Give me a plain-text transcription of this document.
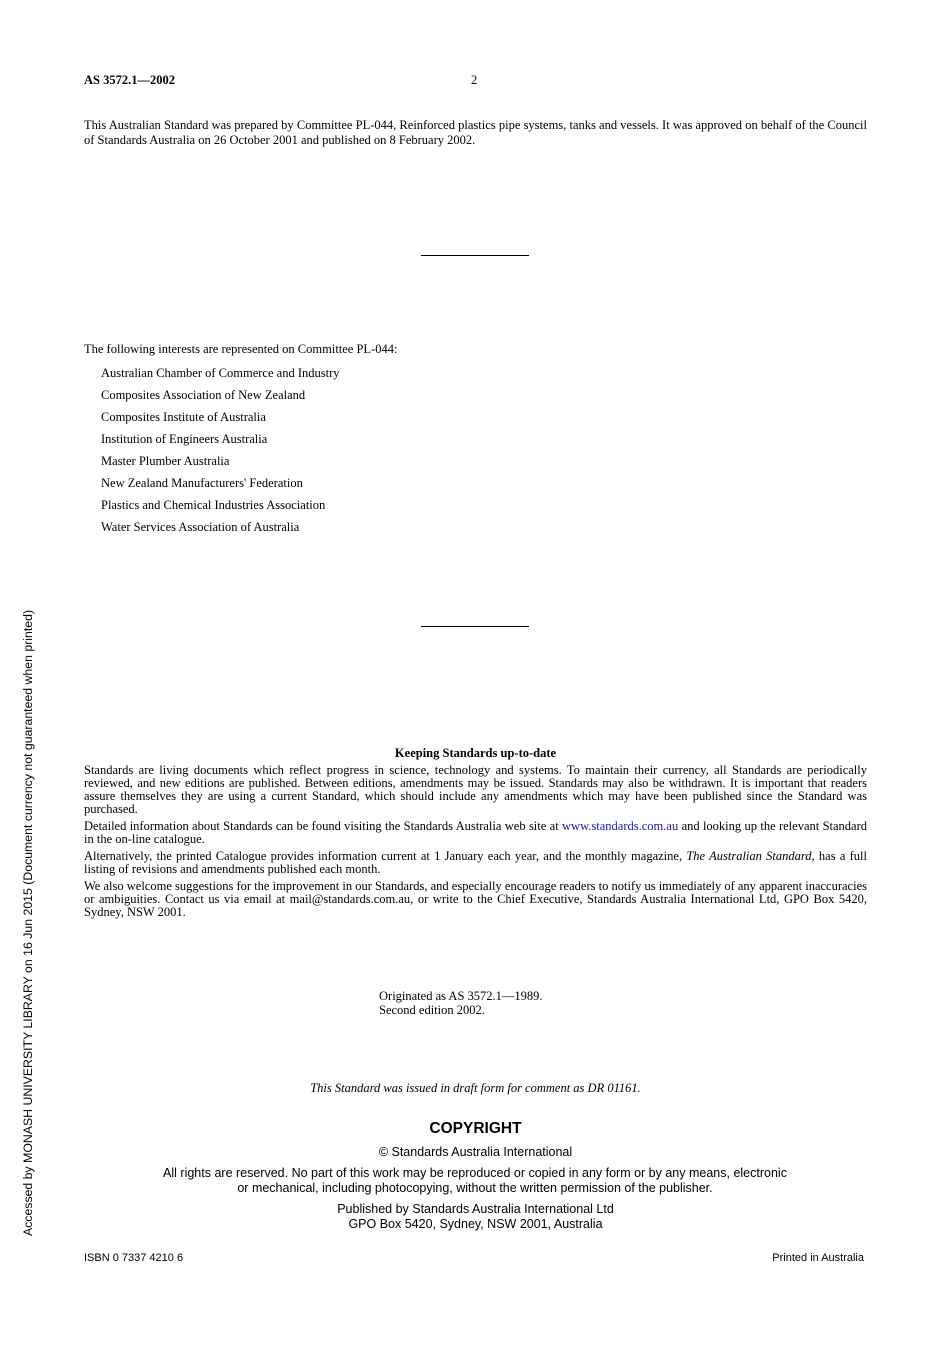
AS 3572.1—2002	2
This Australian Standard was prepared by Committee PL-044, Reinforced plastics pipe systems, tanks and vessels. It was approved on behalf of the Council of Standards Australia on 26 October 2001 and published on 8 February 2002.
The following interests are represented on Committee PL-044:
Australian Chamber of Commerce and Industry
Composites Association of New Zealand
Composites Institute of Australia
Institution of Engineers Australia
Master Plumber Australia
New Zealand Manufacturers' Federation
Plastics and Chemical Industries Association
Water Services Association of Australia
Keeping Standards up-to-date
Standards are living documents which reflect progress in science, technology and systems. To maintain their currency, all Standards are periodically reviewed, and new editions are published. Between editions, amendments may be issued. Standards may also be withdrawn. It is important that readers assure themselves they are using a current Standard, which should include any amendments which may have been published since the Standard was purchased.
Detailed information about Standards can be found visiting the Standards Australia web site at www.standards.com.au and looking up the relevant Standard in the on-line catalogue.
Alternatively, the printed Catalogue provides information current at 1 January each year, and the monthly magazine, The Australian Standard, has a full listing of revisions and amendments published each month.
We also welcome suggestions for the improvement in our Standards, and especially encourage readers to notify us immediately of any apparent inaccuracies or ambiguities. Contact us via email at mail@standards.com.au, or write to the Chief Executive, Standards Australia International Ltd, GPO Box 5420, Sydney, NSW 2001.
Originated as AS 3572.1—1989.
Second edition 2002.
This Standard was issued in draft form for comment as DR 01161.
COPYRIGHT
© Standards Australia International
All rights are reserved. No part of this work may be reproduced or copied in any form or by any means, electronic
or mechanical, including photocopying, without the written permission of the publisher.
Published by Standards Australia International Ltd
GPO Box 5420, Sydney, NSW 2001, Australia
ISBN 0 7337 4210 6	Printed in Australia
Accessed by MONASH UNIVERSITY LIBRARY on 16 Jun 2015 (Document currency not guaranteed when printed)
